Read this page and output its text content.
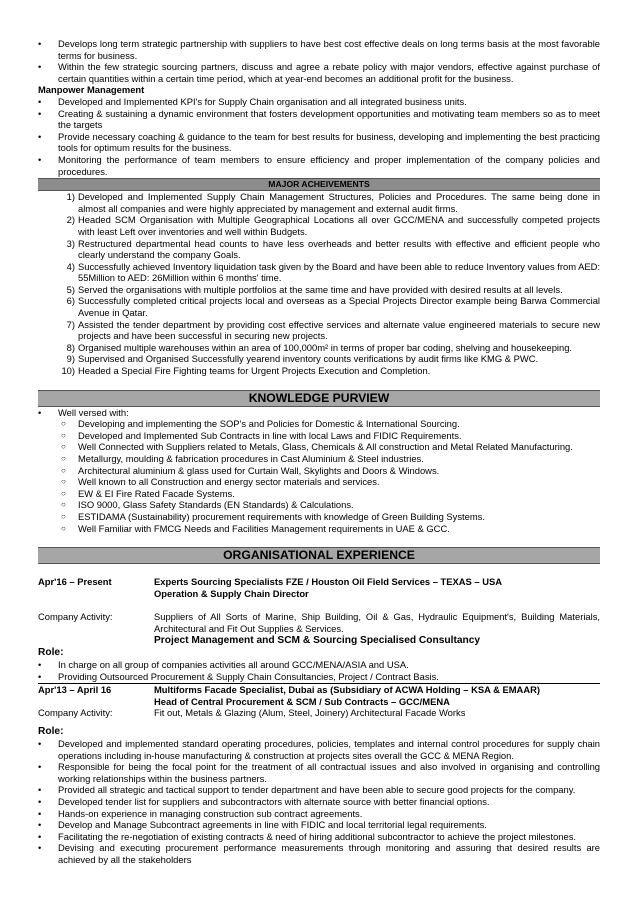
• Develops long term strategic partnership with suppliers to have best cost effective deals on long terms basis at the most favorable terms for business.
• Within the few strategic sourcing partners, discuss and agree a rebate policy with major vendors, effective against purchase of certain quantities within a certain time period, which at year-end becomes an additional profit for the business.
Manpower Management
• Developed and Implemented KPI's for Supply Chain organisation and all integrated business units.
• Creating & sustaining a dynamic environment that fosters development opportunities and motivating team members so as to meet the targets
• Provide necessary coaching & guidance to the team for best results for business, developing and implementing the best practicing tools for optimum results for the business.
• Monitoring the performance of team members to ensure efficiency and proper implementation of the company policies and procedures.
MAJOR ACHEIVEMENTS
1) Developed and Implemented Supply Chain Management Structures, Policies and Procedures. The same being done in almost all companies and were highly appreciated by management and external audit firms.
2) Headed SCM Organisation with Multiple Geographical Locations all over GCC/MENA and successfully competed projects with least Left over inventories and well within Budgets.
3) Restructured departmental head counts to have less overheads and better results with effective and efficient people who clearly understand the company Goals.
4) Successfully achieved Inventory liquidation task given by the Board and have been able to reduce Inventory values from AED: 55Million to AED: 26Million within 6 months' time.
5) Served the organisations with multiple portfolios at the same time and have provided with desired results at all levels.
6) Successfully completed critical projects local and overseas as a Special Projects Director example being Barwa Commercial Avenue in Qatar.
7) Assisted the tender department by providing cost effective services and alternate value engineered materials to secure new projects and have been successful in securing new projects.
8) Organised multiple warehouses within an area of 100,000m² in terms of proper bar coding, shelving and housekeeping.
9) Supervised and Organised Successfully yearend inventory counts verifications by audit firms like KMG & PWC.
10) Headed a Special Fire Fighting teams for Urgent Projects Execution and Completion.
KNOWLEDGE PURVIEW
• Well versed with:
○ Developing and implementing the SOP's and Policies for Domestic & International Sourcing.
○ Developed and Implemented Sub Contracts in line with local Laws and FIDIC Requirements.
○ Well Connected with Suppliers related to Metals, Glass, Chemicals & All construction and Metal Related Manufacturing.
○ Metallurgy, moulding & fabrication procedures in Cast Aluminium & Steel industries.
○ Architectural aluminium & glass used for Curtain Wall, Skylights and Doors & Windows.
○ Well known to all Construction and energy sector materials and services.
○ EW & EI Fire Rated Facade Systems.
○ ISO 9000, Glass Safety Standards (EN Standards) & Calculations.
○ ESTIDAMA (Sustainability) procurement requirements with knowledge of Green Building Systems.
○ Well Familiar with FMCG Needs and Facilities Management requirements in UAE & GCC.
ORGANISATIONAL EXPERIENCE
Apr'16 – Present	Experts Sourcing Specialists FZE / Houston Oil Field Services – TEXAS – USA
Operation & Supply Chain Director
Company Activity:	Suppliers of All Sorts of Marine, Ship Building, Oil & Gas, Hydraulic Equipment's, Building Materials, Architectural and Fit Out Supplies & Services.
Project Management and SCM & Sourcing Specialised Consultancy
Role:
• In charge on all group of companies activities all around GCC/MENA/ASIA and USA.
• Providing Outsourced Procurement & Supply Chain Consultancies, Project / Contract Basis.
Apr'13 – April 16	Multiforms Facade Specialist, Dubai as (Subsidiary of ACWA Holding – KSA & EMAAR)
Head of Central Procurement & SCM / Sub Contracts – GCC/MENA
Company Activity:	Fit out, Metals & Glazing (Alum, Steel, Joinery) Architectural Facade Works
Role:
• Developed and implemented standard operating procedures, policies, templates and internal control procedures for supply chain operations including in-house manufacturing & construction at projects sites overall the GCC & MENA Region.
• Responsible for being the focal point for the treatment of all contractual issues and also involved in organising and controlling working relationships within the business partners.
• Provided all strategic and tactical support to tender department and have been able to secure good projects for the company.
• Developed tender list for suppliers and subcontractors with alternate source with better financial options.
• Hands-on experience in managing construction sub contract agreements.
• Develop and Manage Subcontract agreements in line with FIDIC and local territorial legal requirements.
• Facilitating the re-negotiation of existing contracts & need of hiring additional subcontractor to achieve the project milestones.
• Devising and executing procurement performance measurements through monitoring and assuring that desired results are achieved by all the stakeholders
